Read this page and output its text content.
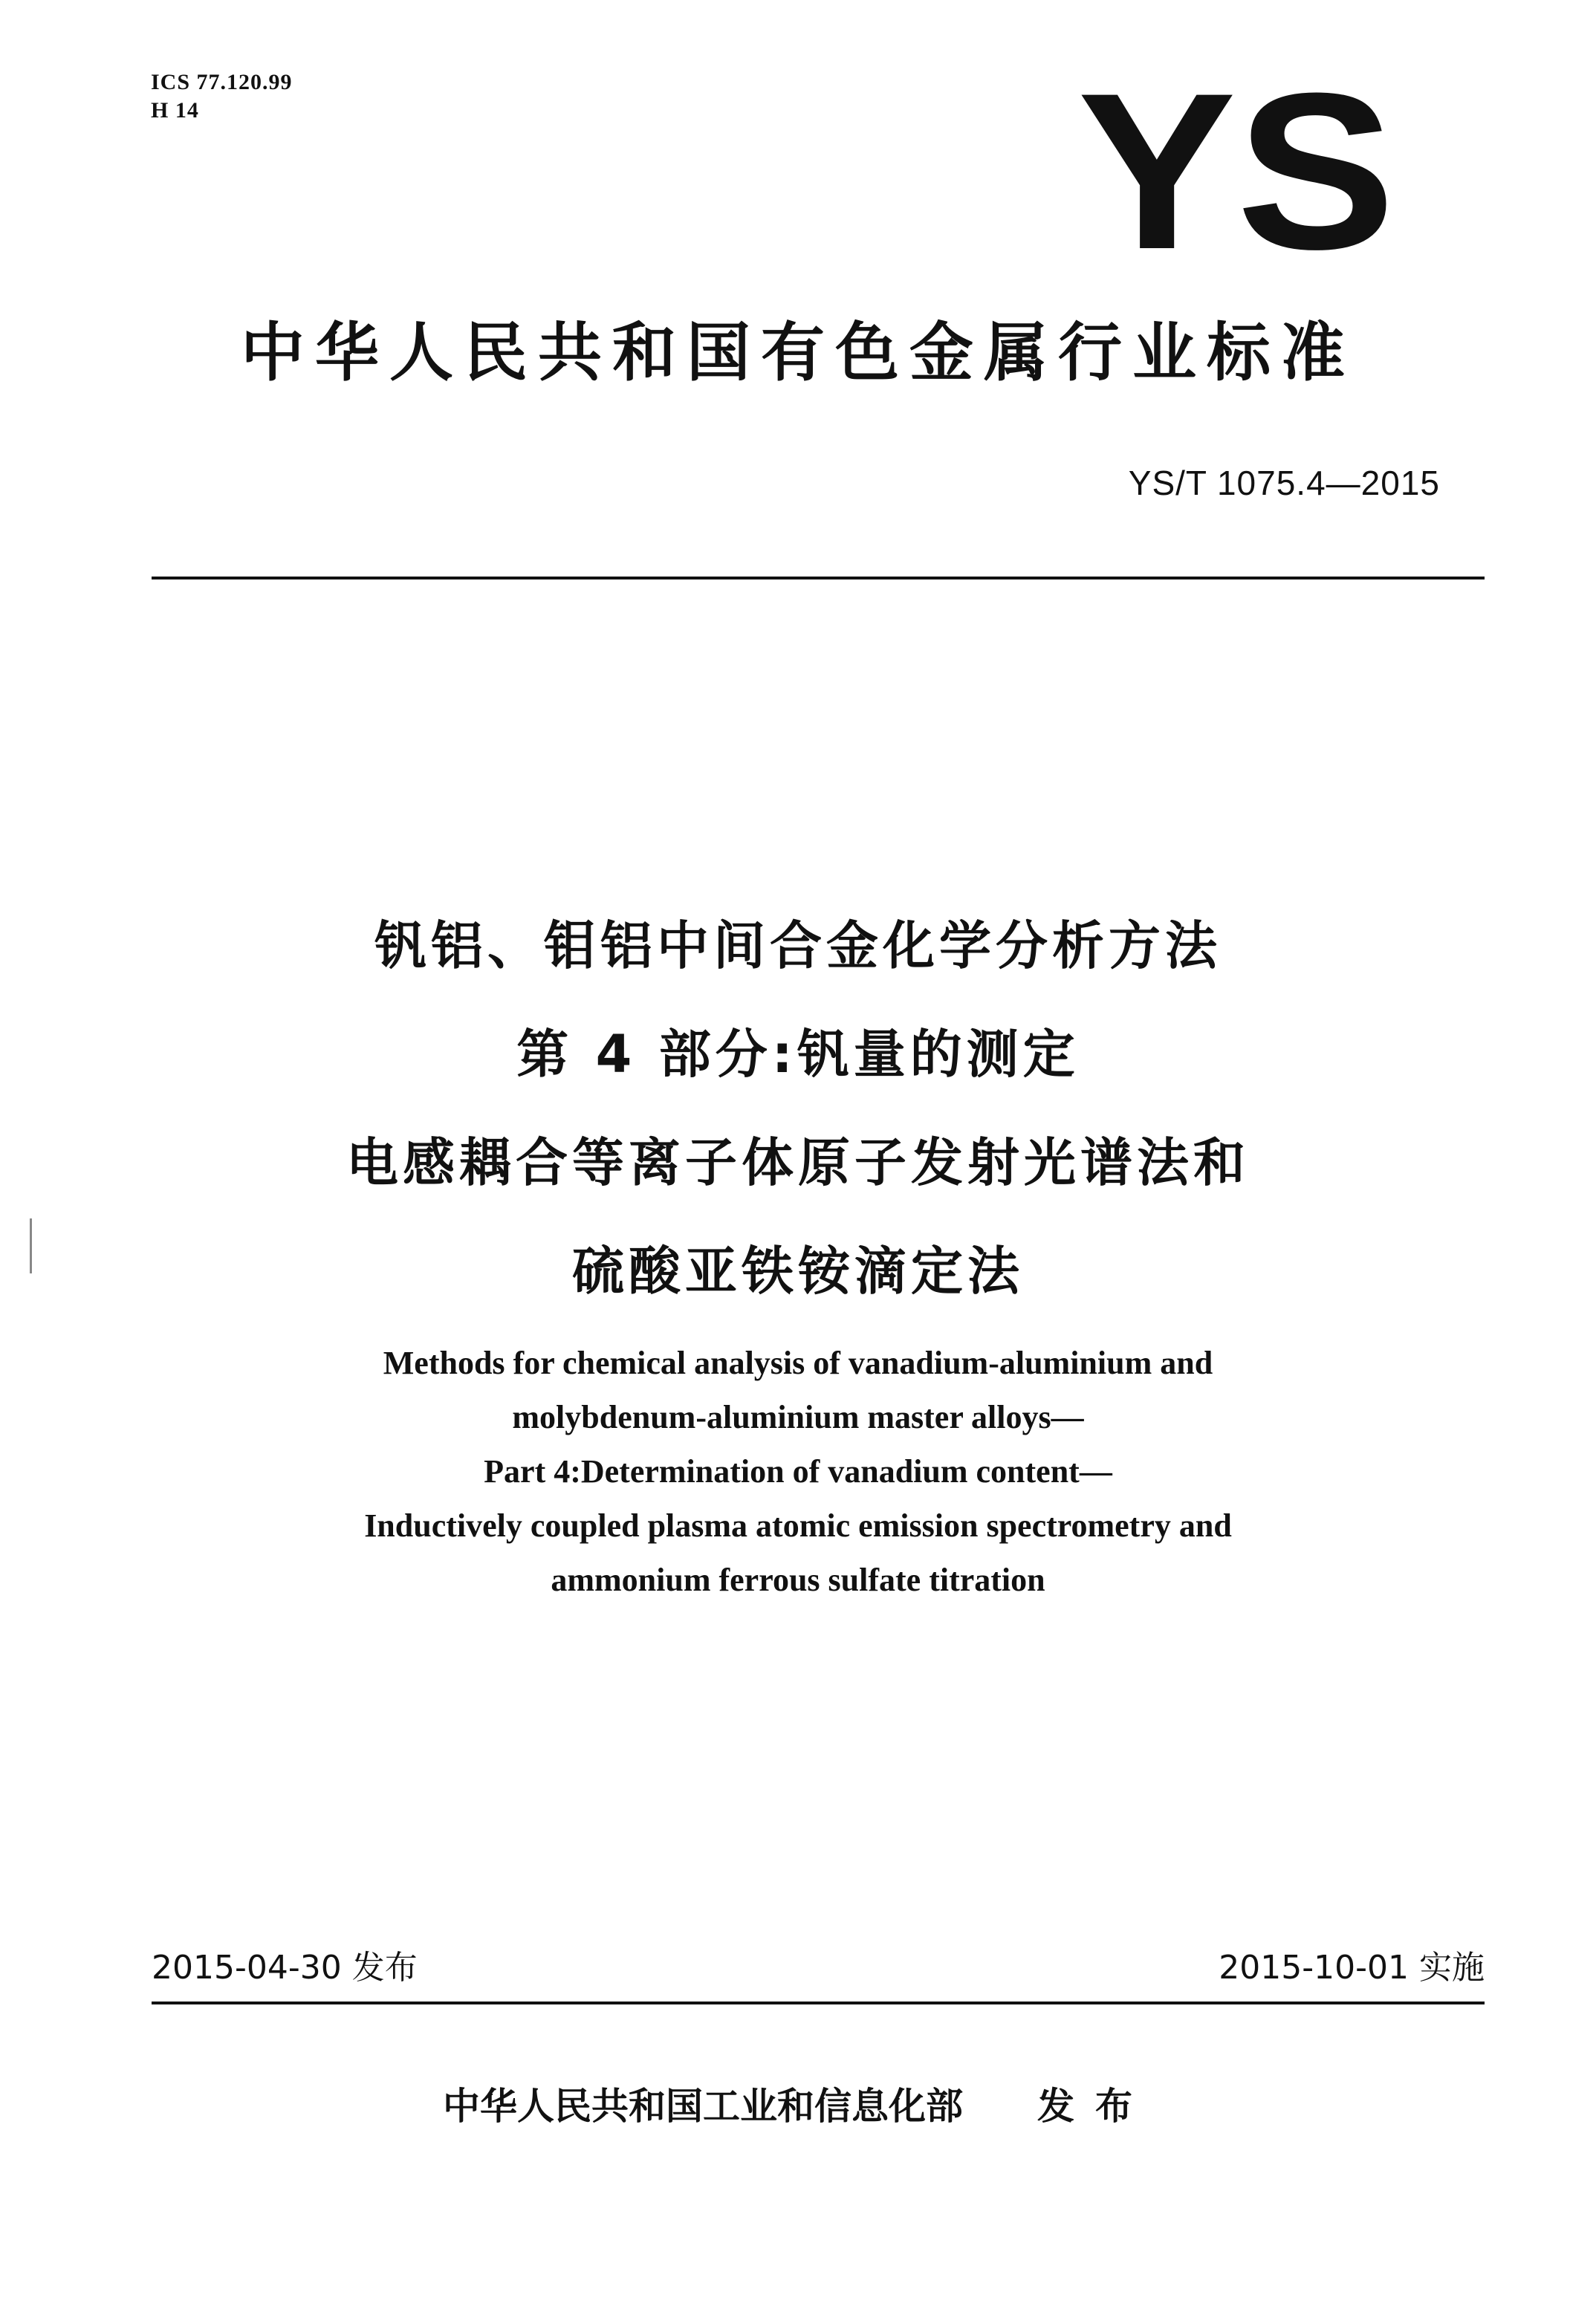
ICS 77.120.99
H 14	YS
中华人民共和国有色金属行业标准
YS/T 1075.4—2015
钒铝、钼铝中间合金化学分析方法
第 4 部分:钒量的测定
电感耦合等离子体原子发射光谱法和
硫酸亚铁铵滴定法
Methods for chemical analysis of vanadium-aluminium and
molybdenum-aluminium master alloys—
Part 4:Determination of vanadium content—
Inductively coupled plasma atomic emission spectrometry and
ammonium ferrous sulfate titration
2015-04-30 发布	2015-10-01 实施
中华人民共和国工业和信息化部 发布
